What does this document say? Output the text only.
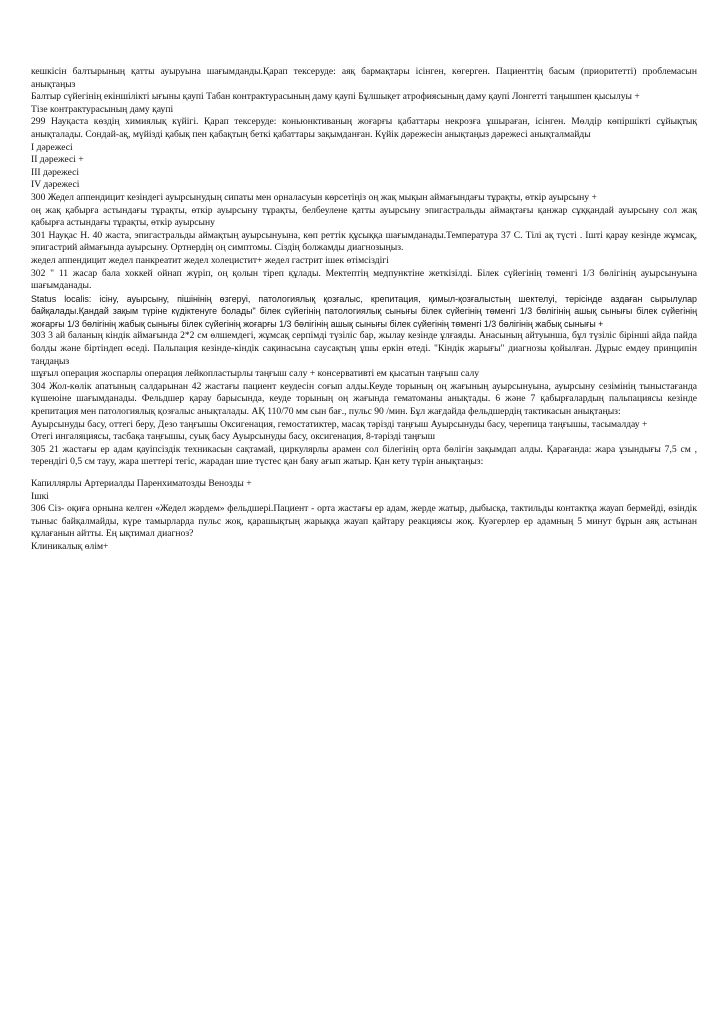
кешкісін балтырының қатты ауыруына шағымданды.Қарап тексеруде: аяқ бармақтары ісінген, көгерген. Пациенттің басым (приоритетті) проблемасын анықтаңыз

Балтыр сүйегінің екіншілікті ығыны қаупі Табан контрактурасының даму қаупі Бұлшықет атрофиясының даму қаупі Лонгетті таңышпен қысылуы +

Тізе контрактурасының даму қаупі

299 Науқаста көздің химиялық күйігі. Қарап тексеруде: коньюнктиваның жоғарғы қабаттары некрозға ұшыраған, ісінген. Мөлдір көпіршікті сұйықтық анықталады. Сондай-ақ, мүйізді қабық пен қабақтың беткі қабаттары зақымданған. Күйік дәрежесін анықтаңыз дәрежесі анықталмайды

I дәрежесі

II дәрежесі +

III дәрежесі

IV дәрежесі

300 Жедел аппендицит кезіндегі ауырсынудың сипаты мен орналасуын көрсетіңіз оң жақ мықын аймағындағы тұрақты, өткір ауырсыну +

оң жақ қабырға астындағы тұрақты, өткір ауырсыну тұрақты, белбеулене қатты ауырсыну эпигастральды аймақтағы қанжар сұққандай ауырсыну сол жақ қабырға астындағы тұрақты, өткір ауырсыну

301 Науқас Н. 40 жаста, эпигастральды аймақтың ауырсынуына, көп реттік құсыққа шағымданады.Температура 37 С. Тілі ақ түсті . Ішті қарау кезінде жұмсақ, эпигастрий аймағында ауырсыну. Ортнердің оң симптомы. Сіздің болжамды диагнозыңыз.

жедел аппендицит жедел панкреатит жедел холецистит+ жедел гастрит ішек өтімсіздігі

302 " 11 жасар бала хоккей ойнап жүріп, оң қолын тіреп құлады. Мектептің медпунктіне жеткізілді. Білек сүйегінің төменгі 1/3 бөлігінің ауырсынуына шағымданады.

Status localis: ісіну, ауырсыну, пішінінің өзгеруі, патологиялық қозғалыс, крепитация, қимыл-қозғалыстың шектелуі, терісінде аздаған сырылулар байқалады.Қандай зақым түріне күдіктенуге болады" білек сүйегінің патологиялық сынығы білек сүйегінің төменгі 1/3 бөлігінің ашық сынығы білек сүйегінің жоғарғы 1/3 бөлігінің жабық сынығы білек сүйегінің жоғарғы 1/3 бөлігінің ашық сынығы білек сүйегінің төменгі 1/3 бөлігінің жабық сынығы +

303 3 ай баланың кіндік аймағында 2*2 см өлшемдегі, жұмсақ серпімді түзіліс бар, жылау кезінде ұлғаяды. Анасының айтуынша, бұл түзіліс бірінші айда пайда болды және біртіндеп өседі. Пальпация кезінде-кіндік сақинасына саусақтың ұшы еркін өтеді. "Кіндік жарығы" диагнозы қойылған. Дұрыс емдеу принципін таңдаңыз

шұғыл операция жоспарлы операция лейкопластырлы таңғыш салу + консервативті ем қысатын таңғыш салу

304 Жол-көлік апатының салдарынан 42 жастағы пациент кеудесін соғып алды.Кеуде торының оң жағының ауырсынуына, ауырсыну сезімінің тыныстағанда күшеюіне шағымданады. Фельдшер қарау барысында, кеуде торының оң жағында гематоманы анықтады. 6 және 7 қабырғалардың пальпациясы кезінде крепитация мен патологиялық қозғалыс анықталады. АҚ 110/70 мм сын бағ., пульс 90 /мин. Бұл жағдайда фельдшердің тактикасын анықтаңыз:

Ауырсынуды басу, оттегі беру, Дезо таңғышы Оксигенация, гемостатиктер, масақ тәрізді таңғыш Ауырсынуды басу, черепица таңғышы, тасымалдау +

Отегі ингаляциясы, тасбақа таңғышы, суық басу Ауырсынуды басу, оксигенация, 8-тәрізді таңғыш

305 21 жастағы ер адам қауіпсіздік техникасын сақтамай, циркулярлы арамен сол білегінің орта бөлігін зақымдап алды. Қарағанда: жара ұзындығы 7,5 см , терендігі 0,5 см тауу, жара шеттері тегіс, жарадан шие түстес қан баяу ағып жатыр. Қан кету түрін анықтаңыз:

Капиллярлы Артериалды Паренхиматозды Венозды +

Ішкі

306 Сіз- оқиға орнына келген «Жедел жәрдем» фельдшері.Пациент - орта жастағы ер адам, жерде жатыр, дыбысқа, тактильды контактқа жауап бермейді, өзіндік тыныс байқалмайды, күре тамырларда пульс жоқ, қарашықтың жарыққа жауап қайтару реакциясы жоқ. Куәгерлер ер адамның 5 минут бұрын аяқ астынан құлағанын айтты. Ең ықтимал диагноз?

Клиникалық өлім+
